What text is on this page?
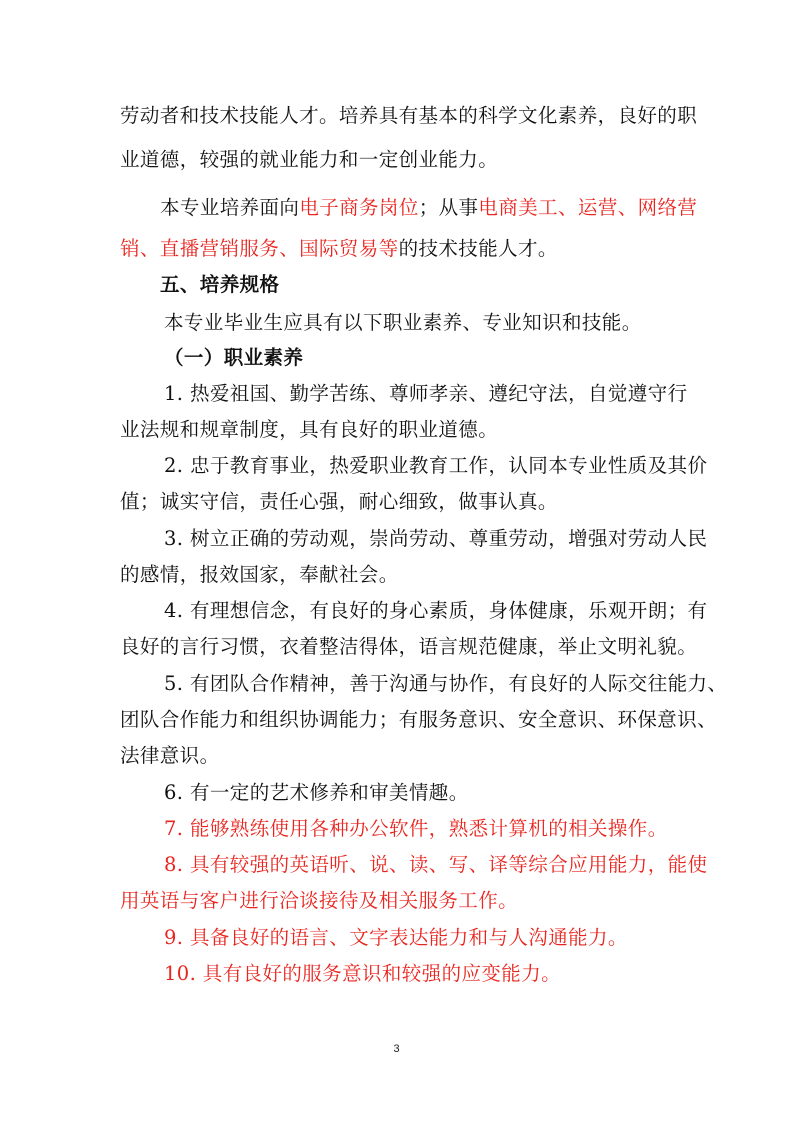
劳动者和技术技能人才。培养具有基本的科学文化素养，良好的职
业道德，较强的就业能力和一定创业能力。
本专业培养面向电子商务岗位；从事电商美工、运营、网络营
销、直播营销服务、国际贸易等的技术技能人才。
五、培养规格
本专业毕业生应具有以下职业素养、专业知识和技能。
（一）职业素养
1. 热爱祖国、勤学苦练、尊师孝亲、遵纪守法，自觉遵守行
业法规和规章制度，具有良好的职业道德。
2. 忠于教育事业，热爱职业教育工作，认同本专业性质及其价
值；诚实守信，责任心强，耐心细致，做事认真。
3. 树立正确的劳动观，崇尚劳动、尊重劳动，增强对劳动人民
的感情，报效国家，奉献社会。
4. 有理想信念，有良好的身心素质，身体健康，乐观开朗；有
良好的言行习惯，衣着整洁得体，语言规范健康，举止文明礼貌。
5. 有团队合作精神，善于沟通与协作，有良好的人际交往能力、
团队合作能力和组织协调能力；有服务意识、安全意识、环保意识、
法律意识。
6. 有一定的艺术修养和审美情趣。
7. 能够熟练使用各种办公软件，熟悉计算机的相关操作。
8. 具有较强的英语听、说、读、写、译等综合应用能力，能使
用英语与客户进行洽谈接待及相关服务工作。
9. 具备良好的语言、文字表达能力和与人沟通能力。
10. 具有良好的服务意识和较强的应变能力。
3
